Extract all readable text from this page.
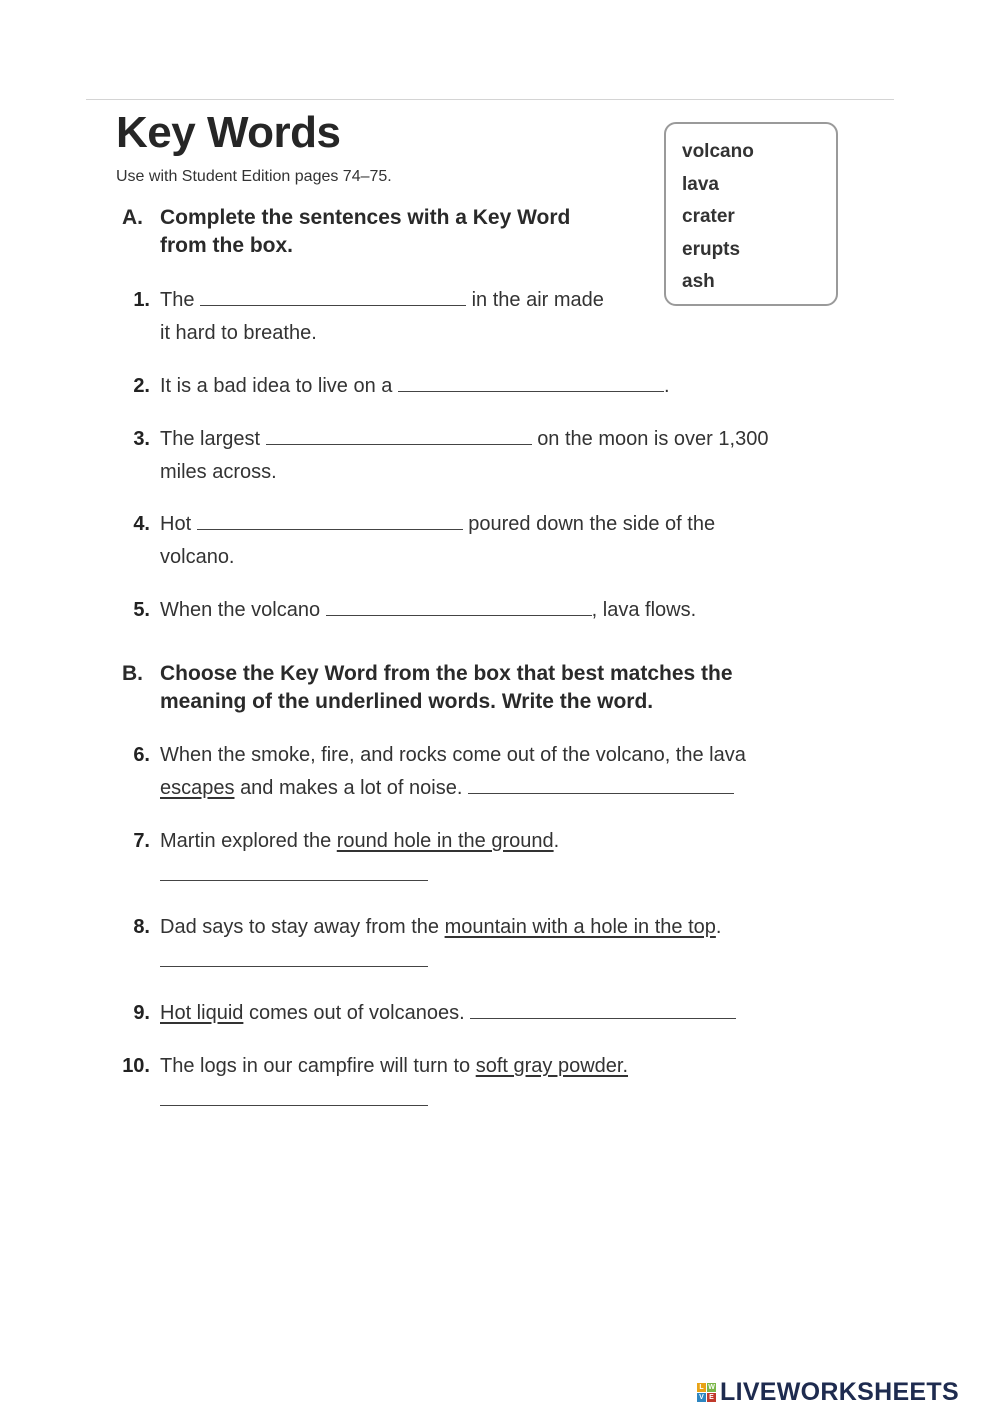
Key Words
Use with Student Edition pages 74–75.
volcano
lava
crater
erupts
ash
A. Complete the sentences with a Key Word from the box.
1. The	in the air made
it hard to breathe.
2. It is a bad idea to live on a	.
3. The largest	on the moon is over 1,300
miles across.
4. Hot	poured down the side of the
volcano.
5. When the volcano	, lava flows.
B. Choose the Key Word from the box that best matches the meaning of the underlined words. Write the word.
6. When the smoke, fire, and rocks come out of the volcano, the lava
escapes and makes a lot of noise.
7. Martin explored the round hole in the ground.
8. Dad says to stay away from the mountain with a hole in the top.
9. Hot liquid comes out of volcanoes.
10. The logs in our campfire will turn to soft gray powder.
L W
V E LIVEWORKSHEETS
